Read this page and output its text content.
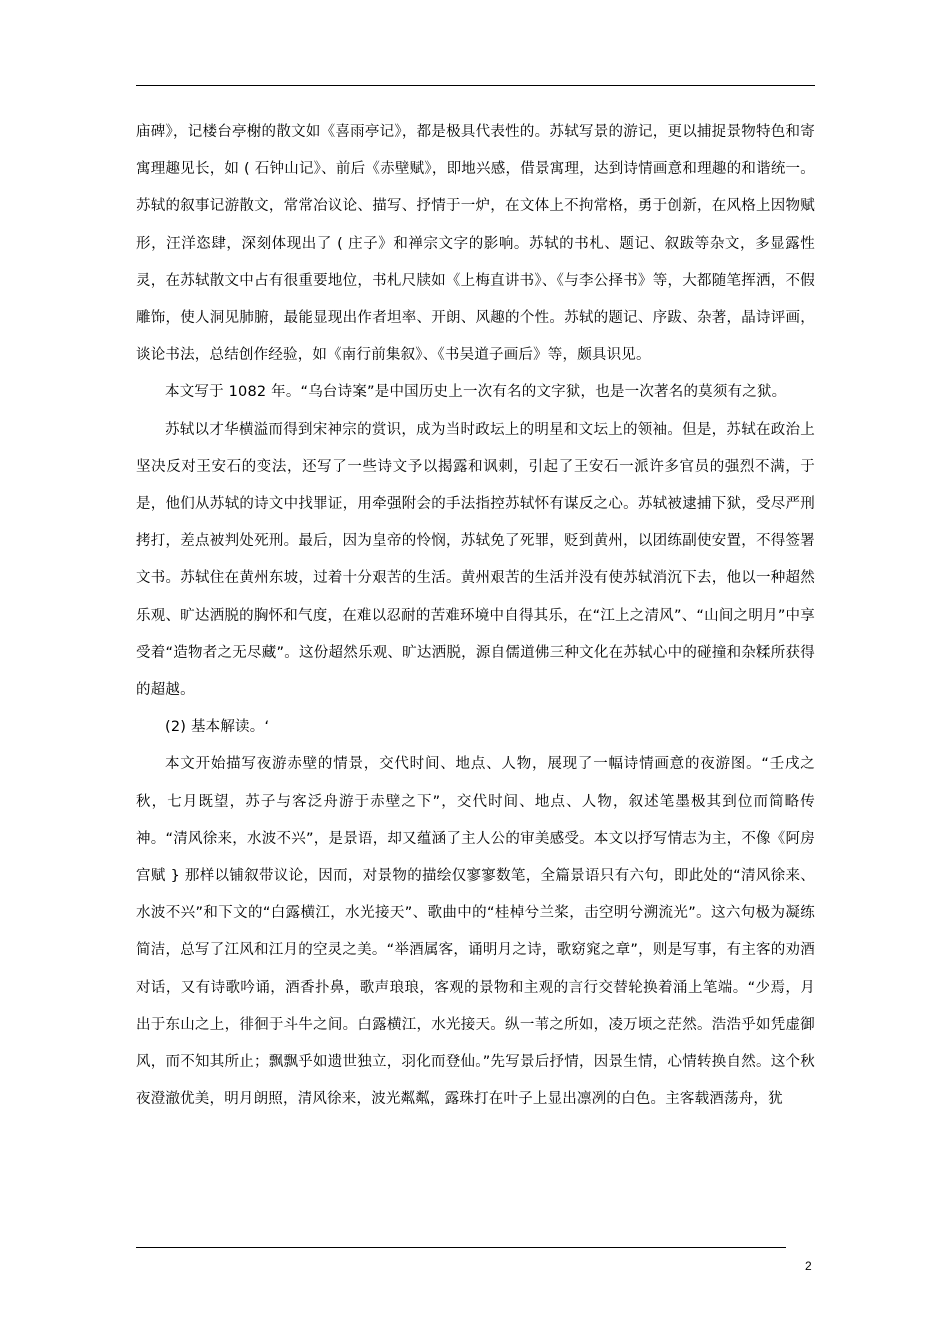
庙碑》，记楼台亭榭的散文如《喜雨亭记》，都是极具代表性的。苏轼写景的游记，更以捕捉景物特色和寄寓理趣见长，如 ( 石钟山记》、前后《赤壁赋》，即地兴感，借景寓理，达到诗情画意和理趣的和谐统一。苏轼的叙事记游散文，常常冶议论、描写、抒情于一炉，在文体上不拘常格，勇于创新，在风格上因物赋形，汪洋恣肆，深刻体现出了 ( 庄子》和禅宗文字的影响。苏轼的书札、题记、叙跋等杂文，多显露性灵，在苏轼散文中占有很重要地位，书札尺牍如《上梅直讲书》、《与李公择书》等，大都随笔挥洒，不假雕饰，使人洞见肺腑，最能显现出作者坦率、开朗、风趣的个性。苏轼的题记、序跋、杂著，晶诗评画，谈论书法，总结创作经验，如《南行前集叙》、《书吴道子画后》等，颇具识见。

本文写于 1082 年。“乌台诗案”是中国历史上一次有名的文字狱，也是一次著名的莫须有之狱。

苏轼以才华横溢而得到宋神宗的赏识，成为当时政坛上的明星和文坛上的领袖。但是，苏轼在政治上坚决反对王安石的变法，还写了一些诗文予以揭露和讽刺，引起了王安石一派许多官员的强烈不满，于是，他们从苏轼的诗文中找罪证，用牵强附会的手法指控苏轼怀有谋反之心。苏轼被逮捕下狱，受尽严刑拷打，差点被判处死刑。最后，因为皇帝的怜悯，苏轼免了死罪，贬到黄州，以团练副使安置，不得签署文书。苏轼住在黄州东坡，过着十分艰苦的生活。黄州艰苦的生活并没有使苏轼消沉下去，他以一种超然乐观、旷达洒脱的胸怀和气度，在难以忍耐的苦难环境中自得其乐，在“江上之清风”、“山间之明月”中享受着“造物者之无尽藏”。这份超然乐观、旷达洒脱，源自儒道佛三种文化在苏轼心中的碰撞和杂糅所获得的超越。

(2) 基本解读。‘

本文开始描写夜游赤壁的情景，交代时间、地点、人物，展现了一幅诗情画意的夜游图。“壬戌之秋，七月既望，苏子与客泛舟游于赤壁之下”，交代时间、地点、人物，叙述笔墨极其到位而简略传神。“清风徐来，水波不兴”，是景语，却又蕴涵了主人公的审美感受。本文以抒写情志为主，不像《阿房宫赋 } 那样以铺叙带议论，因而，对景物的描绘仅寥寥数笔，全篇景语只有六句，即此处的“清风徐来、水波不兴”和下文的“白露横江，水光接天”、歌曲中的“桂棹兮兰桨，击空明兮溯流光”。这六句极为凝练简洁，总写了江风和江月的空灵之美。“举酒属客，诵明月之诗，歌窈窕之章”，则是写事，有主客的劝酒对话，又有诗歌吟诵，酒香扑鼻，歌声琅琅，客观的景物和主观的言行交替轮换着涌上笔端。“少焉，月出于东山之上，徘徊于斗牛之间。白露横江，水光接天。纵一苇之所如，凌万顷之茫然。浩浩乎如凭虚御风，而不知其所止；飘飘乎如遗世独立，羽化而登仙。”先写景后抒情，因景生情，心情转换自然。这个秋夜澄澈优美，明月朗照，清风徐来，波光粼粼，露珠打在叶子上显出凛冽的白色。主客载酒荡舟，犹

2
